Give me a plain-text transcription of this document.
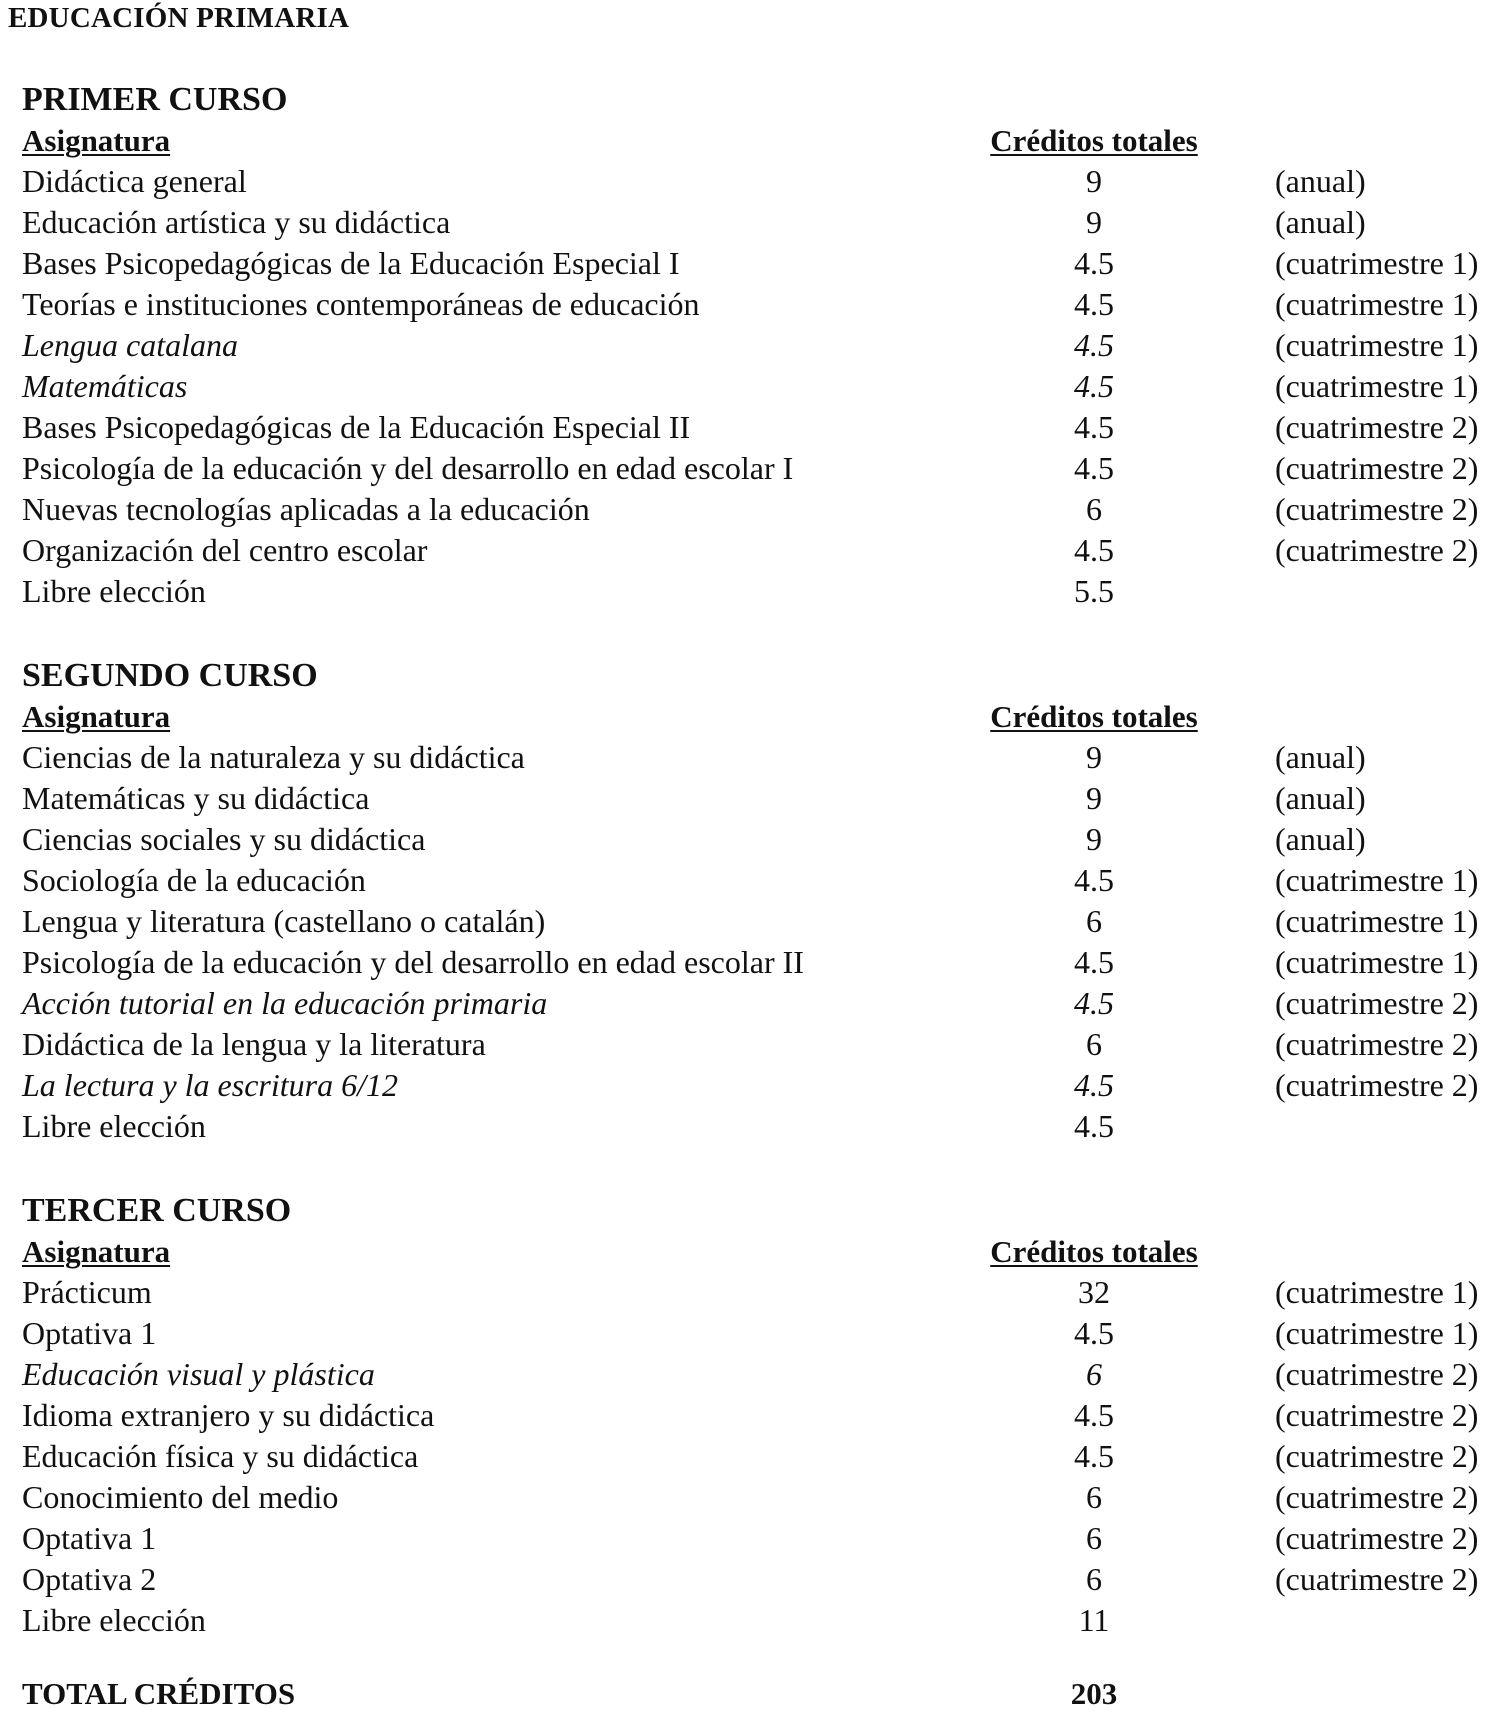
EDUCACIÓN PRIMARIA
PRIMER CURSO
Asignatura	Créditos totales
Didáctica general	9	(anual)
Educación artística y su didáctica	9	(anual)
Bases Psicopedagógicas de la Educación Especial I	4.5	(cuatrimestre 1)
Teorías e instituciones contemporáneas de educación	4.5	(cuatrimestre 1)
Lengua catalana	4.5	(cuatrimestre 1)
Matemáticas	4.5	(cuatrimestre 1)
Bases Psicopedagógicas de la Educación Especial II	4.5	(cuatrimestre 2)
Psicología de la educación y del desarrollo en edad escolar I	4.5	(cuatrimestre 2)
Nuevas tecnologías aplicadas a la educación	6	(cuatrimestre 2)
Organización del centro escolar	4.5	(cuatrimestre 2)
Libre elección	5.5
SEGUNDO CURSO
Asignatura	Créditos totales
Ciencias de la naturaleza y su didáctica	9	(anual)
Matemáticas y su didáctica	9	(anual)
Ciencias sociales y su didáctica	9	(anual)
Sociología de la educación	4.5	(cuatrimestre 1)
Lengua y literatura (castellano o catalán)	6	(cuatrimestre 1)
Psicología de la educación y del desarrollo en edad escolar II	4.5	(cuatrimestre 1)
Acción tutorial en la educación primaria	4.5	(cuatrimestre 2)
Didáctica de la lengua y la literatura	6	(cuatrimestre 2)
La lectura y la escritura 6/12	4.5	(cuatrimestre 2)
Libre elección	4.5
TERCER CURSO
Asignatura	Créditos totales
Prácticum	32	(cuatrimestre 1)
Optativa 1	4.5	(cuatrimestre 1)
Educación visual y plástica	6	(cuatrimestre 2)
Idioma extranjero y su didáctica	4.5	(cuatrimestre 2)
Educación física y su didáctica	4.5	(cuatrimestre 2)
Conocimiento del medio	6	(cuatrimestre 2)
Optativa 1	6	(cuatrimestre 2)
Optativa 2	6	(cuatrimestre 2)
Libre elección	11
TOTAL CRÉDITOS	203
